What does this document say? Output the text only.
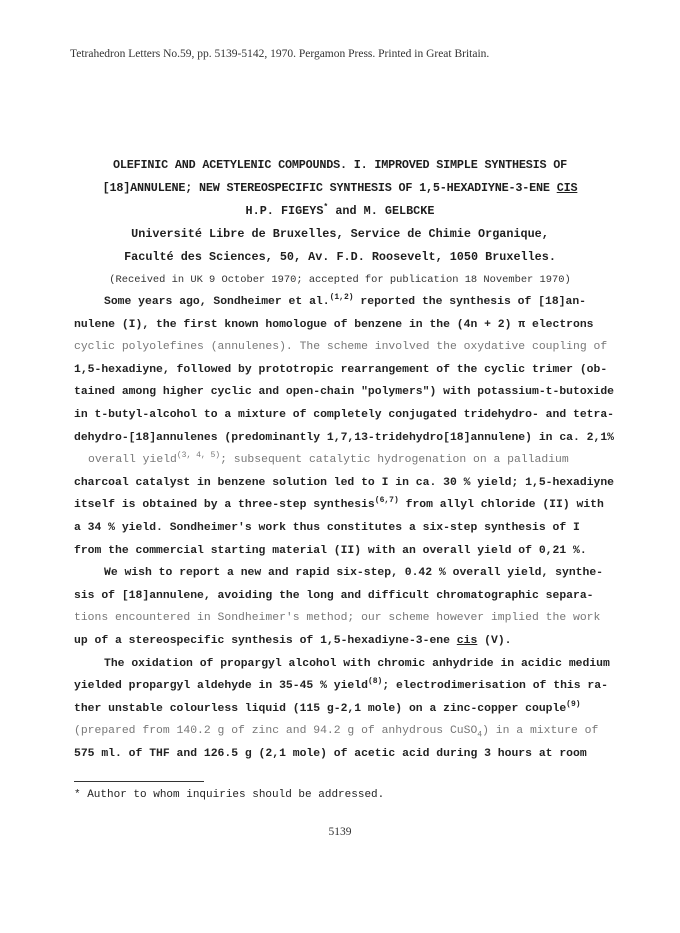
Tetrahedron Letters No.59, pp. 5139-5142, 1970. Pergamon Press. Printed in Great Britain.
OLEFINIC AND ACETYLENIC COMPOUNDS. I. IMPROVED SIMPLE SYNTHESIS OF
[18]ANNULENE; NEW STEREOSPECIFIC SYNTHESIS OF 1,5-HEXADIYNE-3-ENE CIS
H.P. FIGEYS* and M. GELBCKE
Université Libre de Bruxelles, Service de Chimie Organique,
Faculté des Sciences, 50, Av. F.D. Roosevelt, 1050 Bruxelles.
(Received in UK 9 October 1970; accepted for publication 18 November 1970)

Some years ago, Sondheimer et al.$^{(1,2)}$ reported the synthesis of [18]an-
nulene (I), the first known homologue of benzene in the (4n + 2) π electrons
cyclic polyolefines (annulenes). The scheme involved the oxydative coupling of
1,5-hexadiyne, followed by prototropic rearrangement of the cyclic trimer (ob-
tained among higher cyclic and open-chain "polymers") with potassium-t-butoxide
in t-butyl-alcohol to a mixture of completely conjugated tridehydro- and tetra-
dehydro-[18]annulenes (predominantly 1,7,13-tridehydro[18]annulene) in ca. 2,1%
overall yield$^{(3, 4, 5)}$; subsequent catalytic hydrogenation on a palladium
charcoal catalyst in benzene solution led to I in ca. 30 % yield; 1,5-hexadiyne
itself is obtained by a three-step synthesis$^{(6,7)}$ from allyl chloride (II) with
a 34 % yield. Sondheimer's work thus constitutes a six-step synthesis of I
from the commercial starting material (II) with an overall yield of 0,21 %.

We wish to report a new and rapid six-step, 0.42 % overall yield, synthe-
sis of [18]annulene, avoiding the long and difficult chromatographic separa-
tions encountered in Sondheimer's method; our scheme however implied the work
up of a stereospecific synthesis of 1,5-hexadiyne-3-ene cis (V).

The oxidation of propargyl alcohol with chromic anhydride in acidic medium
yielded propargyl aldehyde in 35-45 % yield$^{(8)}$; electrodimerisation of this ra-
ther unstable colourless liquid (115 g-2,1 mole) on a zinc-copper couple$^{(9)}$
(prepared from 140.2 g of zinc and 94.2 g of anhydrous CuSO$_4$) in a mixture of
575 ml. of THF and 126.5 g (2,1 mole) of acetic acid during 3 hours at room

* Author to whom inquiries should be addressed.
5139
